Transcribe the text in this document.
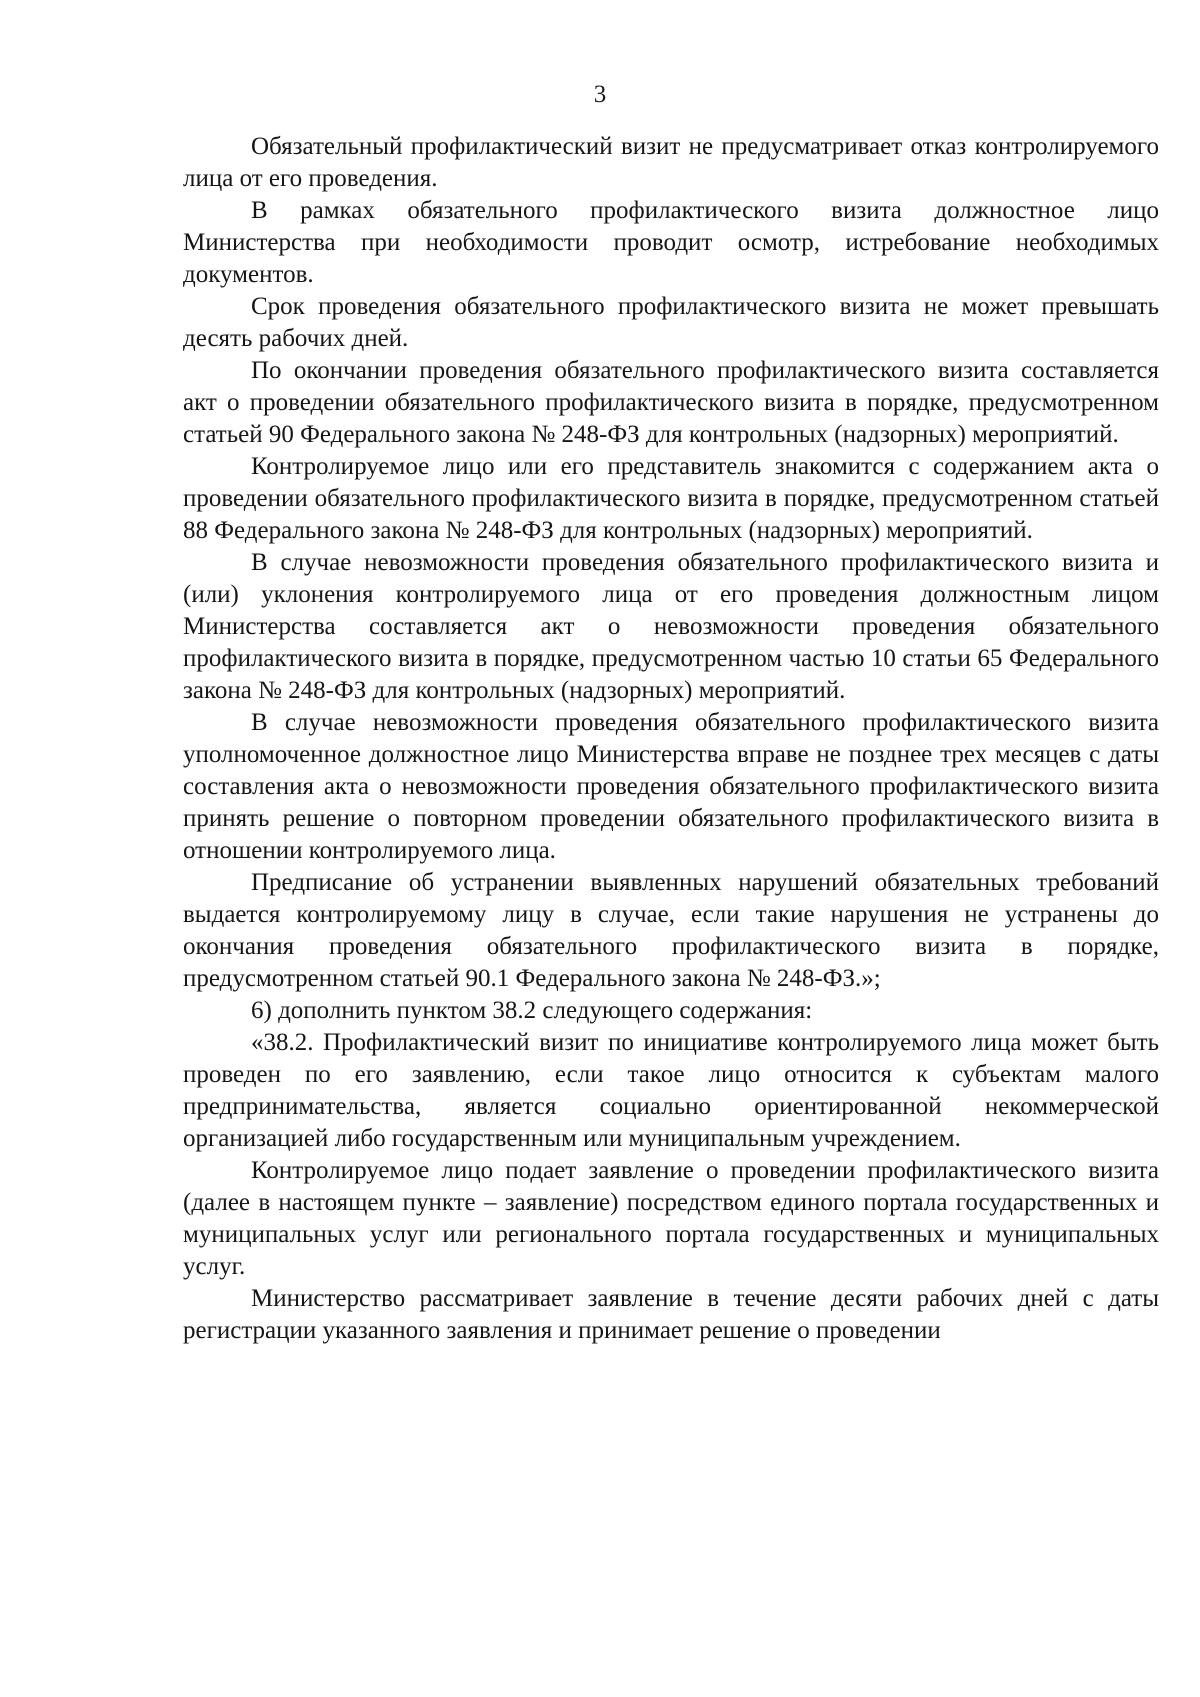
3

Обязательный профилактический визит не предусматривает отказ контролируемого лица от его проведения.

В рамках обязательного профилактического визита должностное лицо Министерства при необходимости проводит осмотр, истребование необходимых документов.

Срок проведения обязательного профилактического визита не может превышать десять рабочих дней.

По окончании проведения обязательного профилактического визита составляется акт о проведении обязательного профилактического визита в порядке, предусмотренном статьей 90 Федерального закона № 248-ФЗ для контрольных (надзорных) мероприятий.

Контролируемое лицо или его представитель знакомится с содержанием акта о проведении обязательного профилактического визита в порядке, предусмотренном статьей 88 Федерального закона № 248-ФЗ для контрольных (надзорных) мероприятий.

В случае невозможности проведения обязательного профилактического визита и (или) уклонения контролируемого лица от его проведения должностным лицом Министерства составляется акт о невозможности проведения обязательного профилактического визита в порядке, предусмотренном частью 10 статьи 65 Федерального закона № 248-ФЗ для контрольных (надзорных) мероприятий.

В случае невозможности проведения обязательного профилактического визита уполномоченное должностное лицо Министерства вправе не позднее трех месяцев с даты составления акта о невозможности проведения обязательного профилактического визита принять решение о повторном проведении обязательного профилактического визита в отношении контролируемого лица.

Предписание об устранении выявленных нарушений обязательных требований выдается контролируемому лицу в случае, если такие нарушения не устранены до окончания проведения обязательного профилактического визита в порядке, предусмотренном статьей 90.1 Федерального закона № 248-ФЗ.»;

6) дополнить пунктом 38.2 следующего содержания:

«38.2. Профилактический визит по инициативе контролируемого лица может быть проведен по его заявлению, если такое лицо относится к субъектам малого предпринимательства, является социально ориентированной некоммерческой организацией либо государственным или муниципальным учреждением.

Контролируемое лицо подает заявление о проведении профилактического визита (далее в настоящем пункте – заявление) посредством единого портала государственных и муниципальных услуг или регионального портала государственных и муниципальных услуг.

Министерство рассматривает заявление в течение десяти рабочих дней с даты регистрации указанного заявления и принимает решение о проведении
